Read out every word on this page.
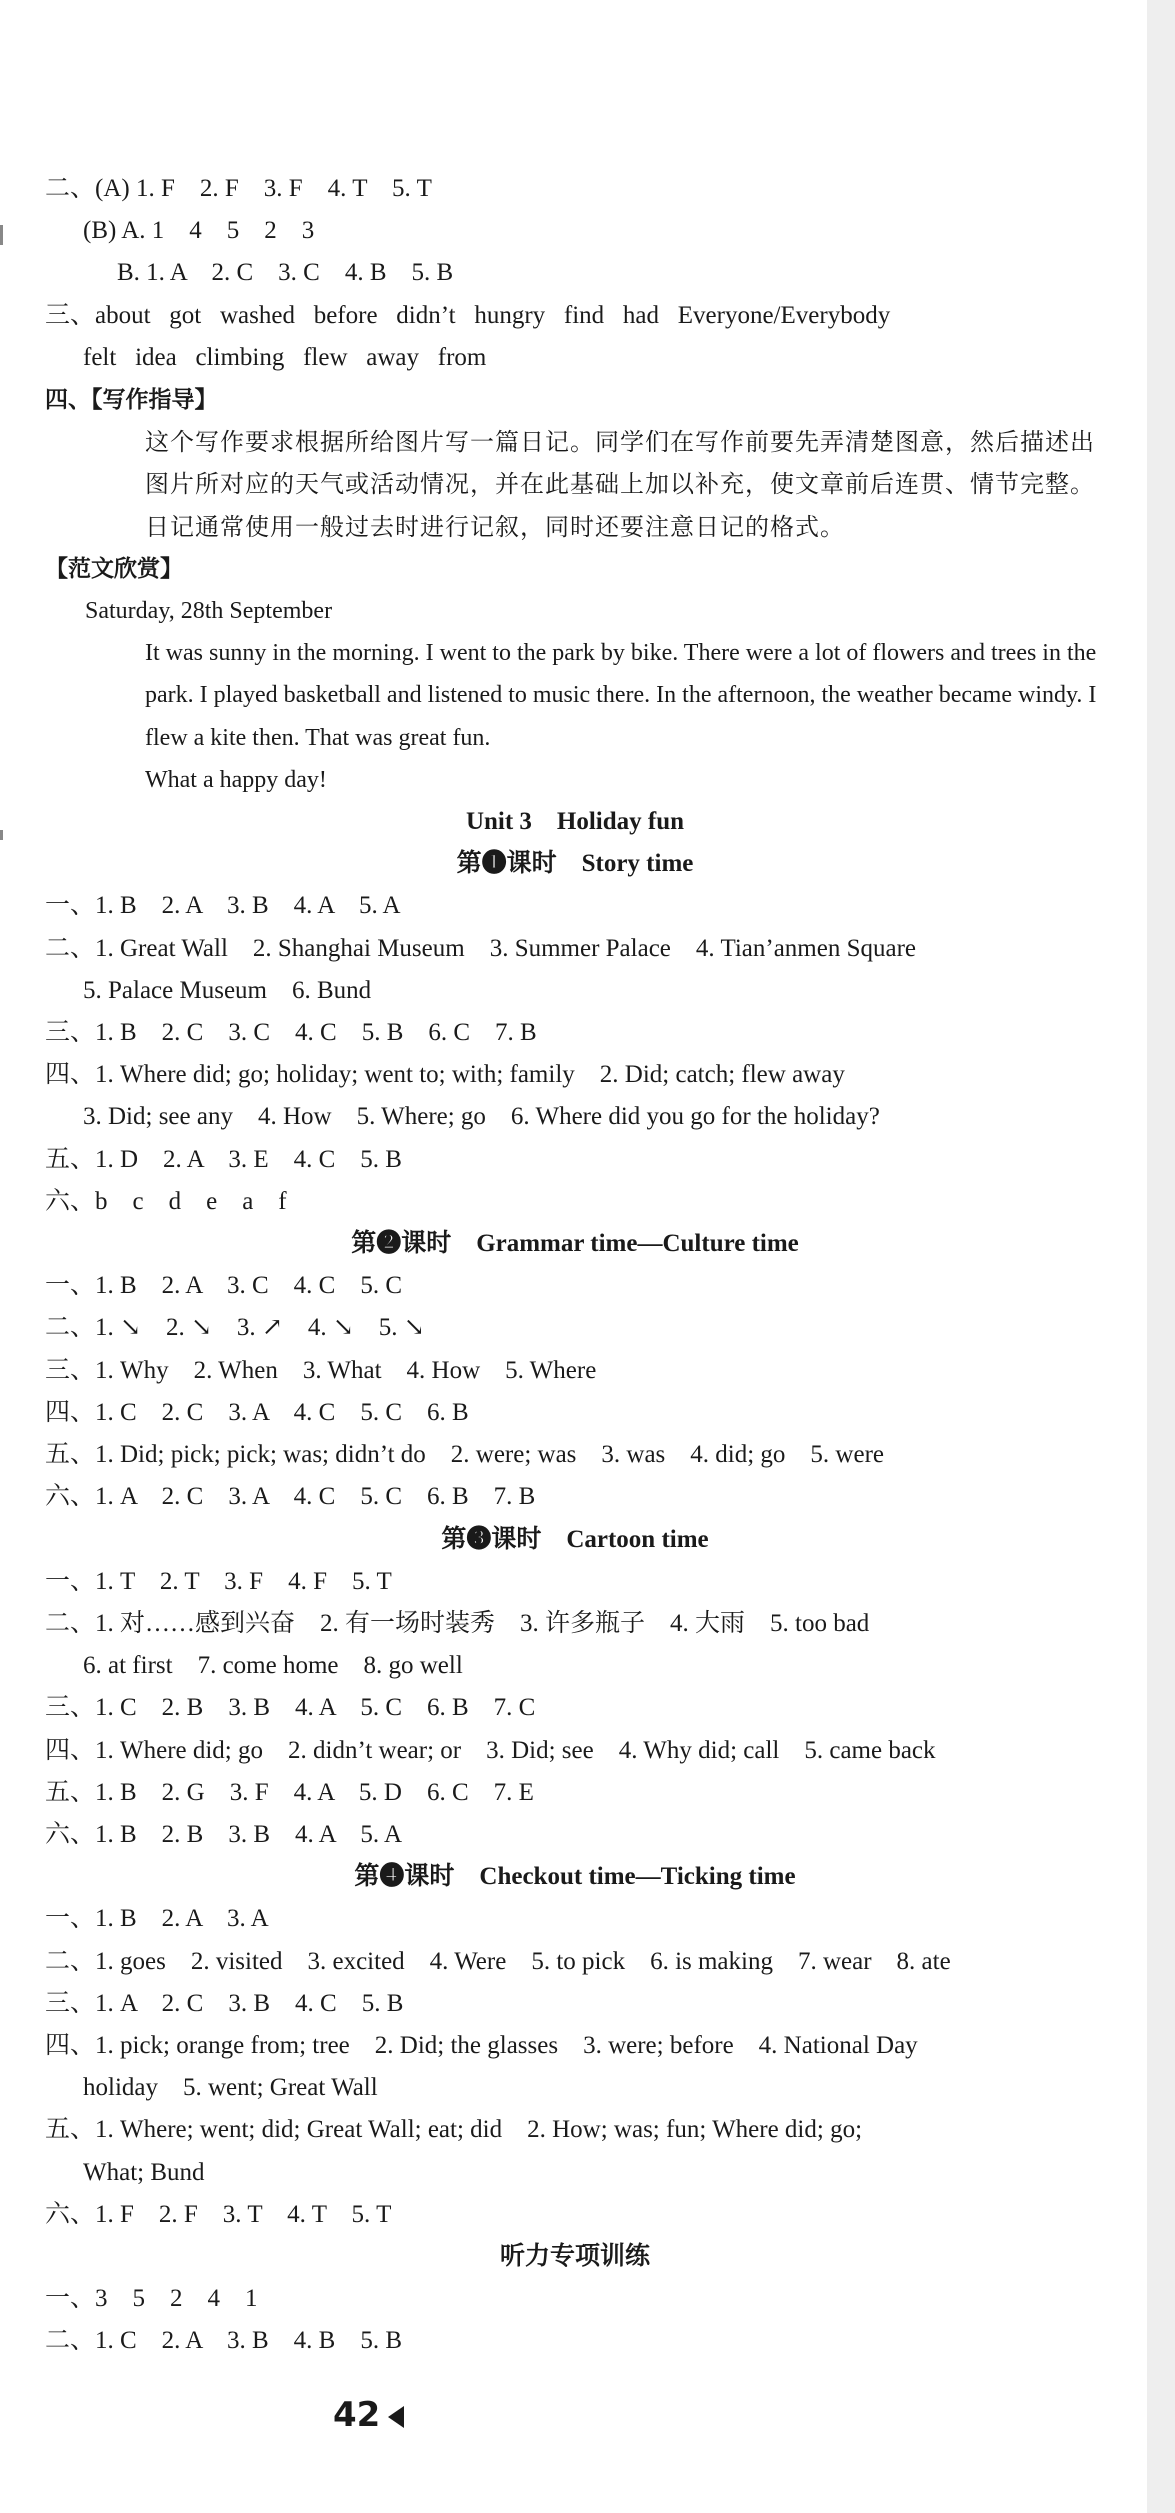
二、(A) 1. F    2. F    3. F    4. T    5. T
(B) A. 1    4    5    2    3
B. 1. A    2. C    3. C    4. B    5. B
三、about   got   washed   before   didn’t   hungry   find   had   Everyone/Everybody
felt   idea   climbing   flew   away   from
四、【写作指导】
这个写作要求根据所给图片写一篇日记。同学们在写作前要先弄清楚图意，然后描述出图片所对应的天气或活动情况，并在此基础上加以补充，使文章前后连贯、情节完整。日记通常使用一般过去时进行记叙，同时还要注意日记的格式。
【范文欣赏】
Saturday, 28th September
It was sunny in the morning. I went to the park by bike. There were a lot of flowers and trees in the park. I played basketball and listened to music there. In the afternoon, the weather became windy. I flew a kite then. That was great fun.
What a happy day!
Unit 3    Holiday fun
第❶课时    Story time
一、1. B    2. A    3. B    4. A    5. A
二、1. Great Wall    2. Shanghai Museum    3. Summer Palace    4. Tian’anmen Square
5. Palace Museum    6. Bund
三、1. B    2. C    3. C    4. C    5. B    6. C    7. B
四、1. Where did; go; holiday; went to; with; family    2. Did; catch; flew away
3. Did; see any    4. How    5. Where; go    6. Where did you go for the holiday?
五、1. D    2. A    3. E    4. C    5. B
六、b    c    d    e    a    f
第❷课时    Grammar time—Culture time
一、1. B    2. A    3. C    4. C    5. C
二、1. ↘    2. ↘    3. ↗    4. ↘    5. ↘
三、1. Why    2. When    3. What    4. How    5. Where
四、1. C    2. C    3. A    4. C    5. C    6. B
五、1. Did; pick; pick; was; didn’t do    2. were; was    3. was    4. did; go    5. were
六、1. A    2. C    3. A    4. C    5. C    6. B    7. B
第❸课时    Cartoon time
一、1. T    2. T    3. F    4. F    5. T
二、1. 对……感到兴奋    2. 有一场时装秀    3. 许多瓶子    4. 大雨    5. too bad
6. at first    7. come home    8. go well
三、1. C    2. B    3. B    4. A    5. C    6. B    7. C
四、1. Where did; go    2. didn’t wear; or    3. Did; see    4. Why did; call    5. came back
五、1. B    2. G    3. F    4. A    5. D    6. C    7. E
六、1. B    2. B    3. B    4. A    5. A
第❹课时    Checkout time—Ticking time
一、1. B    2. A    3. A
二、1. goes    2. visited    3. excited    4. Were    5. to pick    6. is making    7. wear    8. ate
三、1. A    2. C    3. B    4. C    5. B
四、1. pick; orange from; tree    2. Did; the glasses    3. were; before    4. National Day
holiday    5. went; Great Wall
五、1. Where; went; did; Great Wall; eat; did    2. How; was; fun; Where did; go;
What; Bund
六、1. F    2. F    3. T    4. T    5. T
听力专项训练
一、3    5    2    4    1
二、1. C    2. A    3. B    4. B    5. B
42
